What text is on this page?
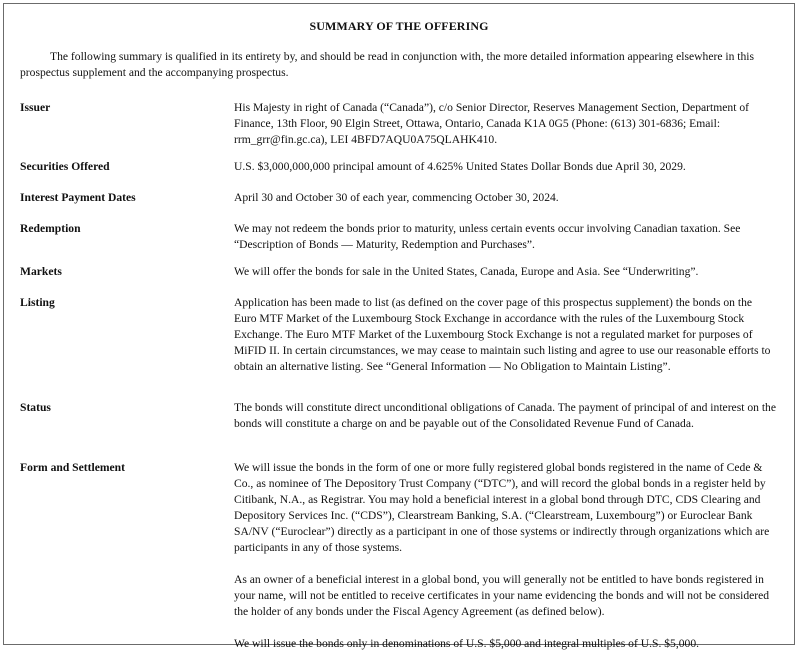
SUMMARY OF THE OFFERING
The following summary is qualified in its entirety by, and should be read in conjunction with, the more detailed information appearing elsewhere in this prospectus supplement and the accompanying prospectus.
Issuer	His Majesty in right of Canada (“Canada”), c/o Senior Director, Reserves Management Section, Department of Finance, 13th Floor, 90 Elgin Street, Ottawa, Ontario, Canada K1A 0G5 (Phone: (613) 301-6836; Email: rrm_grr@fin.gc.ca), LEI 4BFD7AQU0A75QLAHK410.

Securities Offered	U.S. $3,000,000,000 principal amount of 4.625% United States Dollar Bonds due April 30, 2029.

Interest Payment Dates	April 30 and October 30 of each year, commencing October 30, 2024.

Redemption	We may not redeem the bonds prior to maturity, unless certain events occur involving Canadian taxation. See “Description of Bonds — Maturity, Redemption and Purchases”.

Markets	We will offer the bonds for sale in the United States, Canada, Europe and Asia. See “Underwriting”.

Listing	Application has been made to list (as defined on the cover page of this prospectus supplement) the bonds on the Euro MTF Market of the Luxembourg Stock Exchange in accordance with the rules of the Luxembourg Stock Exchange. The Euro MTF Market of the Luxembourg Stock Exchange is not a regulated market for purposes of MiFID II. In certain circumstances, we may cease to maintain such listing and agree to use our reasonable efforts to obtain an alternative listing. See “General Information — No Obligation to Maintain Listing”.

Status	The bonds will constitute direct unconditional obligations of Canada. The payment of principal of and interest on the bonds will constitute a charge on and be payable out of the Consolidated Revenue Fund of Canada.

Form and Settlement	We will issue the bonds in the form of one or more fully registered global bonds registered in the name of Cede & Co., as nominee of The Depository Trust Company (“DTC”), and will record the global bonds in a register held by Citibank, N.A., as Registrar. You may hold a beneficial interest in a global bond through DTC, CDS Clearing and Depository Services Inc. (“CDS”), Clearstream Banking, S.A. (“Clearstream, Luxembourg”) or Euroclear Bank SA/NV (“Euroclear”) directly as a participant in one of those systems or indirectly through organizations which are participants in any of those systems.

As an owner of a beneficial interest in a global bond, you will generally not be entitled to have bonds registered in your name, will not be entitled to receive certificates in your name evidencing the bonds and will not be considered the holder of any bonds under the Fiscal Agency Agreement (as defined below).

We will issue the bonds only in denominations of U.S. $5,000 and integral multiples of U.S. $5,000.
